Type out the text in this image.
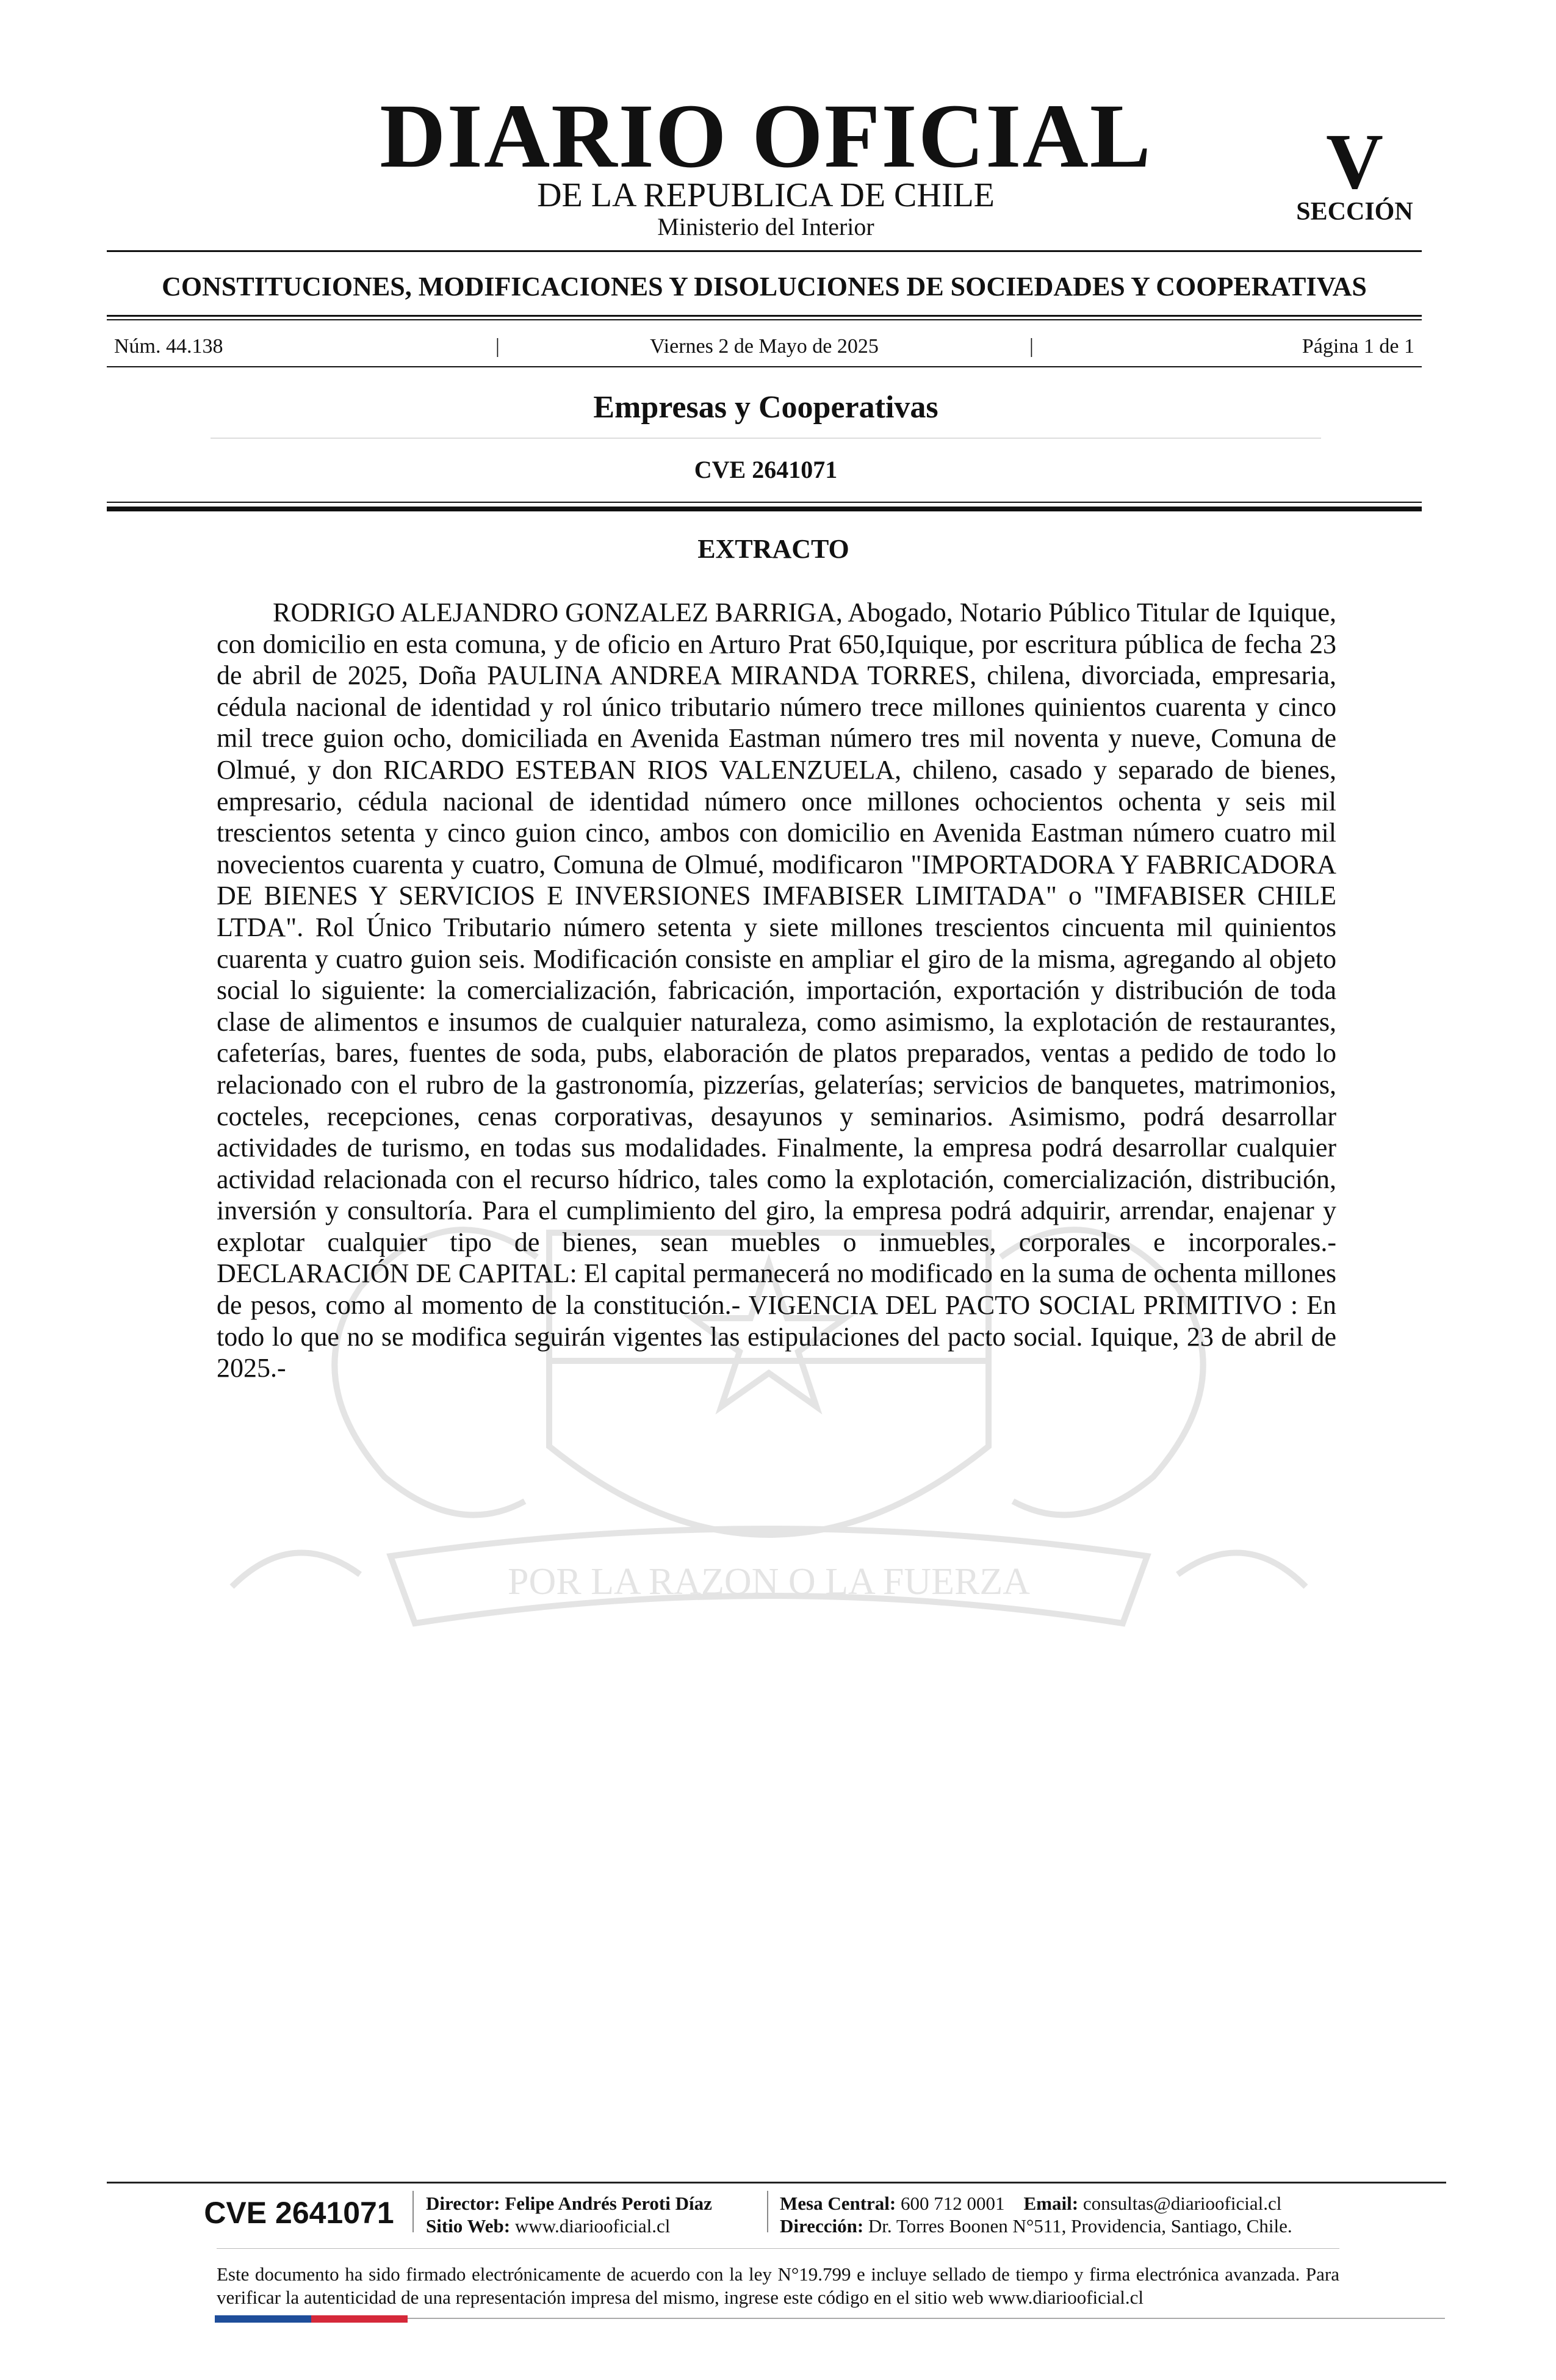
DIARIO OFICIAL
DE LA REPUBLICA DE CHILE
Ministerio del Interior
V
SECCIÓN
CONSTITUCIONES, MODIFICACIONES Y DISOLUCIONES DE SOCIEDADES Y COOPERATIVAS
Núm. 44.138	|	Viernes 2 de Mayo de 2025	|	Página 1 de 1
Empresas y Cooperativas
CVE 2641071
POR LA RAZON O LA FUERZA
EXTRACTO

RODRIGO ALEJANDRO GONZALEZ BARRIGA, Abogado, Notario Público Titular de Iquique, con domicilio en esta comuna, y de oficio en Arturo Prat 650,Iquique, por escritura pública de fecha 23 de abril de 2025, Doña PAULINA ANDREA MIRANDA TORRES, chilena, divorciada, empresaria, cédula nacional de identidad y rol único tributario número trece millones quinientos cuarenta y cinco mil trece guion ocho, domiciliada en Avenida Eastman número tres mil noventa y nueve, Comuna de Olmué, y don RICARDO ESTEBAN RIOS VALENZUELA, chileno, casado y separado de bienes, empresario, cédula nacional de identidad número once millones ochocientos ochenta y seis mil trescientos setenta y cinco guion cinco, ambos con domicilio en Avenida Eastman número cuatro mil novecientos cuarenta y cuatro, Comuna de Olmué, modificaron "IMPORTADORA Y FABRICADORA DE BIENES Y SERVICIOS E INVERSIONES IMFABISER LIMITADA" o "IMFABISER CHILE LTDA". Rol Único Tributario número setenta y siete millones trescientos cincuenta mil quinientos cuarenta y cuatro guion seis. Modificación consiste en ampliar el giro de la misma, agregando al objeto social lo siguiente: la comercialización, fabricación, importación, exportación y distribución de toda clase de alimentos e insumos de cualquier naturaleza, como asimismo, la explotación de restaurantes, cafeterías, bares, fuentes de soda, pubs, elaboración de platos preparados, ventas a pedido de todo lo relacionado con el rubro de la gastronomía, pizzerías, gelaterías; servicios de banquetes, matrimonios, cocteles, recepciones, cenas corporativas, desayunos y seminarios. Asimismo, podrá desarrollar actividades de turismo, en todas sus modalidades. Finalmente, la empresa podrá desarrollar cualquier actividad relacionada con el recurso hídrico, tales como la explotación, comercialización, distribución, inversión y consultoría. Para el cumplimiento del giro, la empresa podrá adquirir, arrendar, enajenar y explotar cualquier tipo de bienes, sean muebles o inmuebles, corporales e incorporales.- DECLARACIÓN DE CAPITAL: El capital permanecerá no modificado en la suma de ochenta millones de pesos, como al momento de la constitución.- VIGENCIA DEL PACTO SOCIAL PRIMITIVO : En todo lo que no se modifica seguirán vigentes las estipulaciones del pacto social. Iquique, 23 de abril de 2025.-

CVE 2641071	Director: Felipe Andrés Peroti Díaz
Sitio Web: www.diariooficial.cl
Mesa Central: 600 712 0001 Email: consultas@diariooficial.cl
Dirección: Dr. Torres Boonen N°511, Providencia, Santiago, Chile.

Este documento ha sido firmado electrónicamente de acuerdo con la ley N°19.799 e incluye sellado de tiempo y firma electrónica avanzada. Para verificar la autenticidad de una representación impresa del mismo, ingrese este código en el sitio web www.diariooficial.cl
